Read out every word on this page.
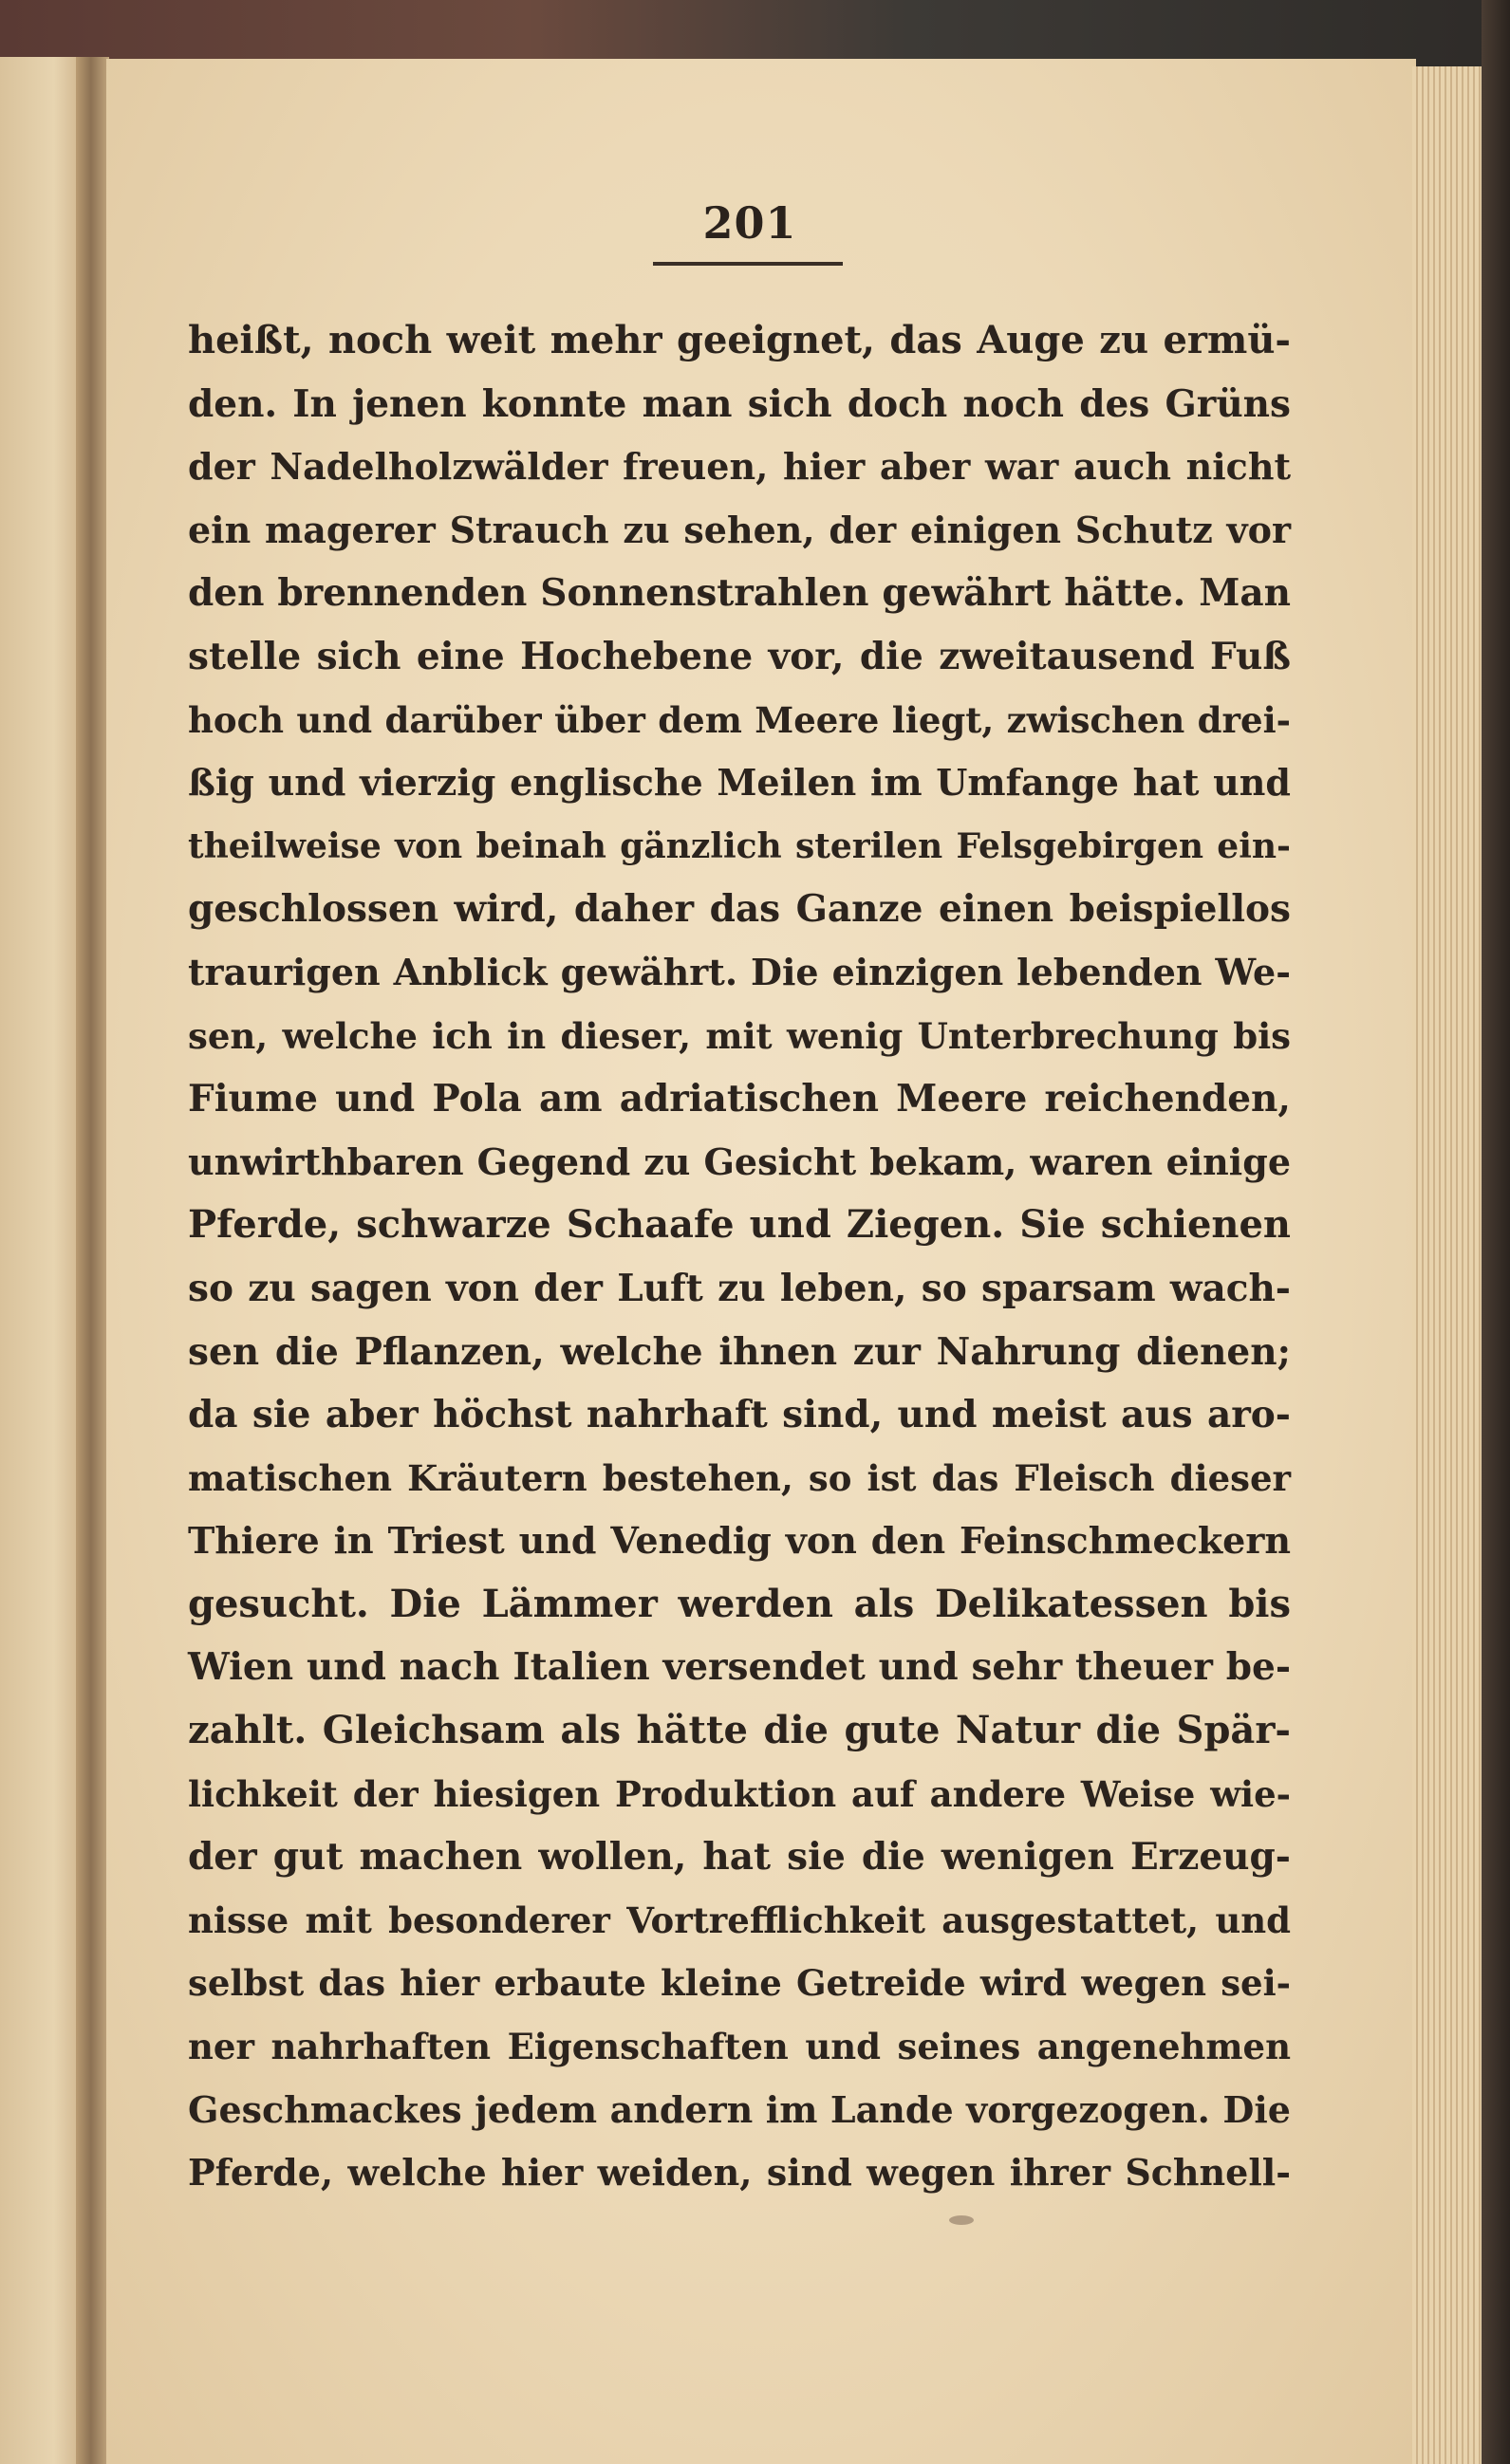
201

heißt, noch weit mehr geeignet, das Auge zu ermü-
den. In jenen konnte man sich doch noch des Grüns
der Nadelholzwälder freuen, hier aber war auch nicht
ein magerer Strauch zu sehen, der einigen Schutz vor
den brennenden Sonnenstrahlen gewährt hätte. Man
stelle sich eine Hochebene vor, die zweitausend Fuß
hoch und darüber über dem Meere liegt, zwischen drei-
ßig und vierzig englische Meilen im Umfange hat und
theilweise von beinah gänzlich sterilen Felsgebirgen ein-
geschlossen wird, daher das Ganze einen beispiellos
traurigen Anblick gewährt. Die einzigen lebenden We-
sen, welche ich in dieser, mit wenig Unterbrechung bis
Fiume und Pola am adriatischen Meere reichenden,
unwirthbaren Gegend zu Gesicht bekam, waren einige
Pferde, schwarze Schaafe und Ziegen. Sie schienen
so zu sagen von der Luft zu leben, so sparsam wach-
sen die Pflanzen, welche ihnen zur Nahrung dienen;
da sie aber höchst nahrhaft sind, und meist aus aro-
matischen Kräutern bestehen, so ist das Fleisch dieser
Thiere in Triest und Venedig von den Feinschmeckern
gesucht. Die Lämmer werden als Delikatessen bis
Wien und nach Italien versendet und sehr theuer be-
zahlt. Gleichsam als hätte die gute Natur die Spär-
lichkeit der hiesigen Produktion auf andere Weise wie-
der gut machen wollen, hat sie die wenigen Erzeug-
nisse mit besonderer Vortrefflichkeit ausgestattet, und
selbst das hier erbaute kleine Getreide wird wegen sei-
ner nahrhaften Eigenschaften und seines angenehmen
Geschmackes jedem andern im Lande vorgezogen. Die
Pferde, welche hier weiden, sind wegen ihrer Schnell-
